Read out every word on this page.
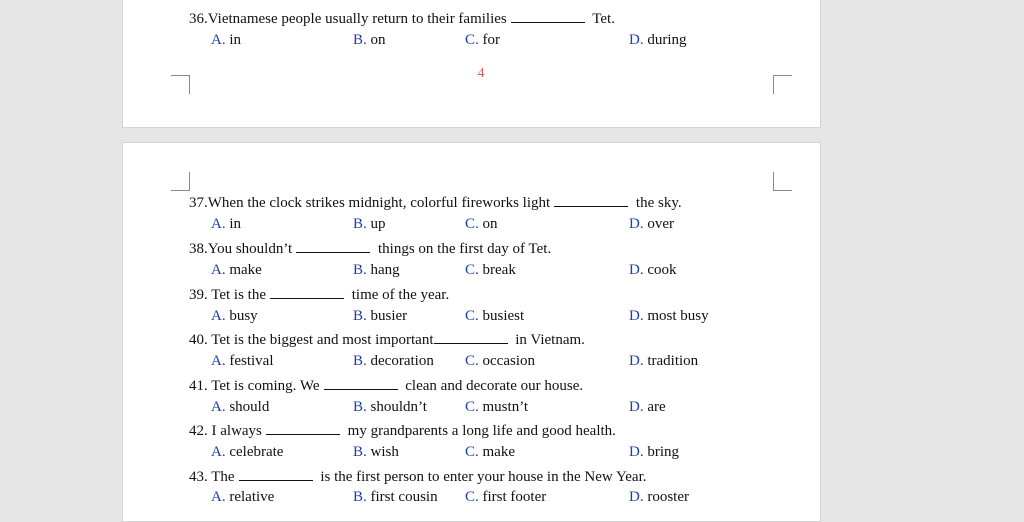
36.Vietnamese people usually return to their families	Tet.
A. in	B. on	C. for	D. during
4
37.When the clock strikes midnight, colorful fireworks light	the sky.
A. in	B. up	C. on	D. over
38.You shouldn’t	things on the first day of Tet.
A. make	B. hang	C. break	D. cook
39. Tet is the	time of the year.
A. busy	B. busier	C. busiest	D. most busy
40. Tet is the biggest and most important	in Vietnam.
A. festival	B. decoration C. occasion	D. tradition
41. Tet is coming. We	clean and decorate our house.
A. should	B. shouldn’t	C. mustn’t	D. are
42. I always	my grandparents a long life and good health.
A. celebrate	B. wish	C. make	D. bring
43. The	is the first person to enter your house in the New Year.
A. relative	B. first cousin C. first footer	D. rooster
